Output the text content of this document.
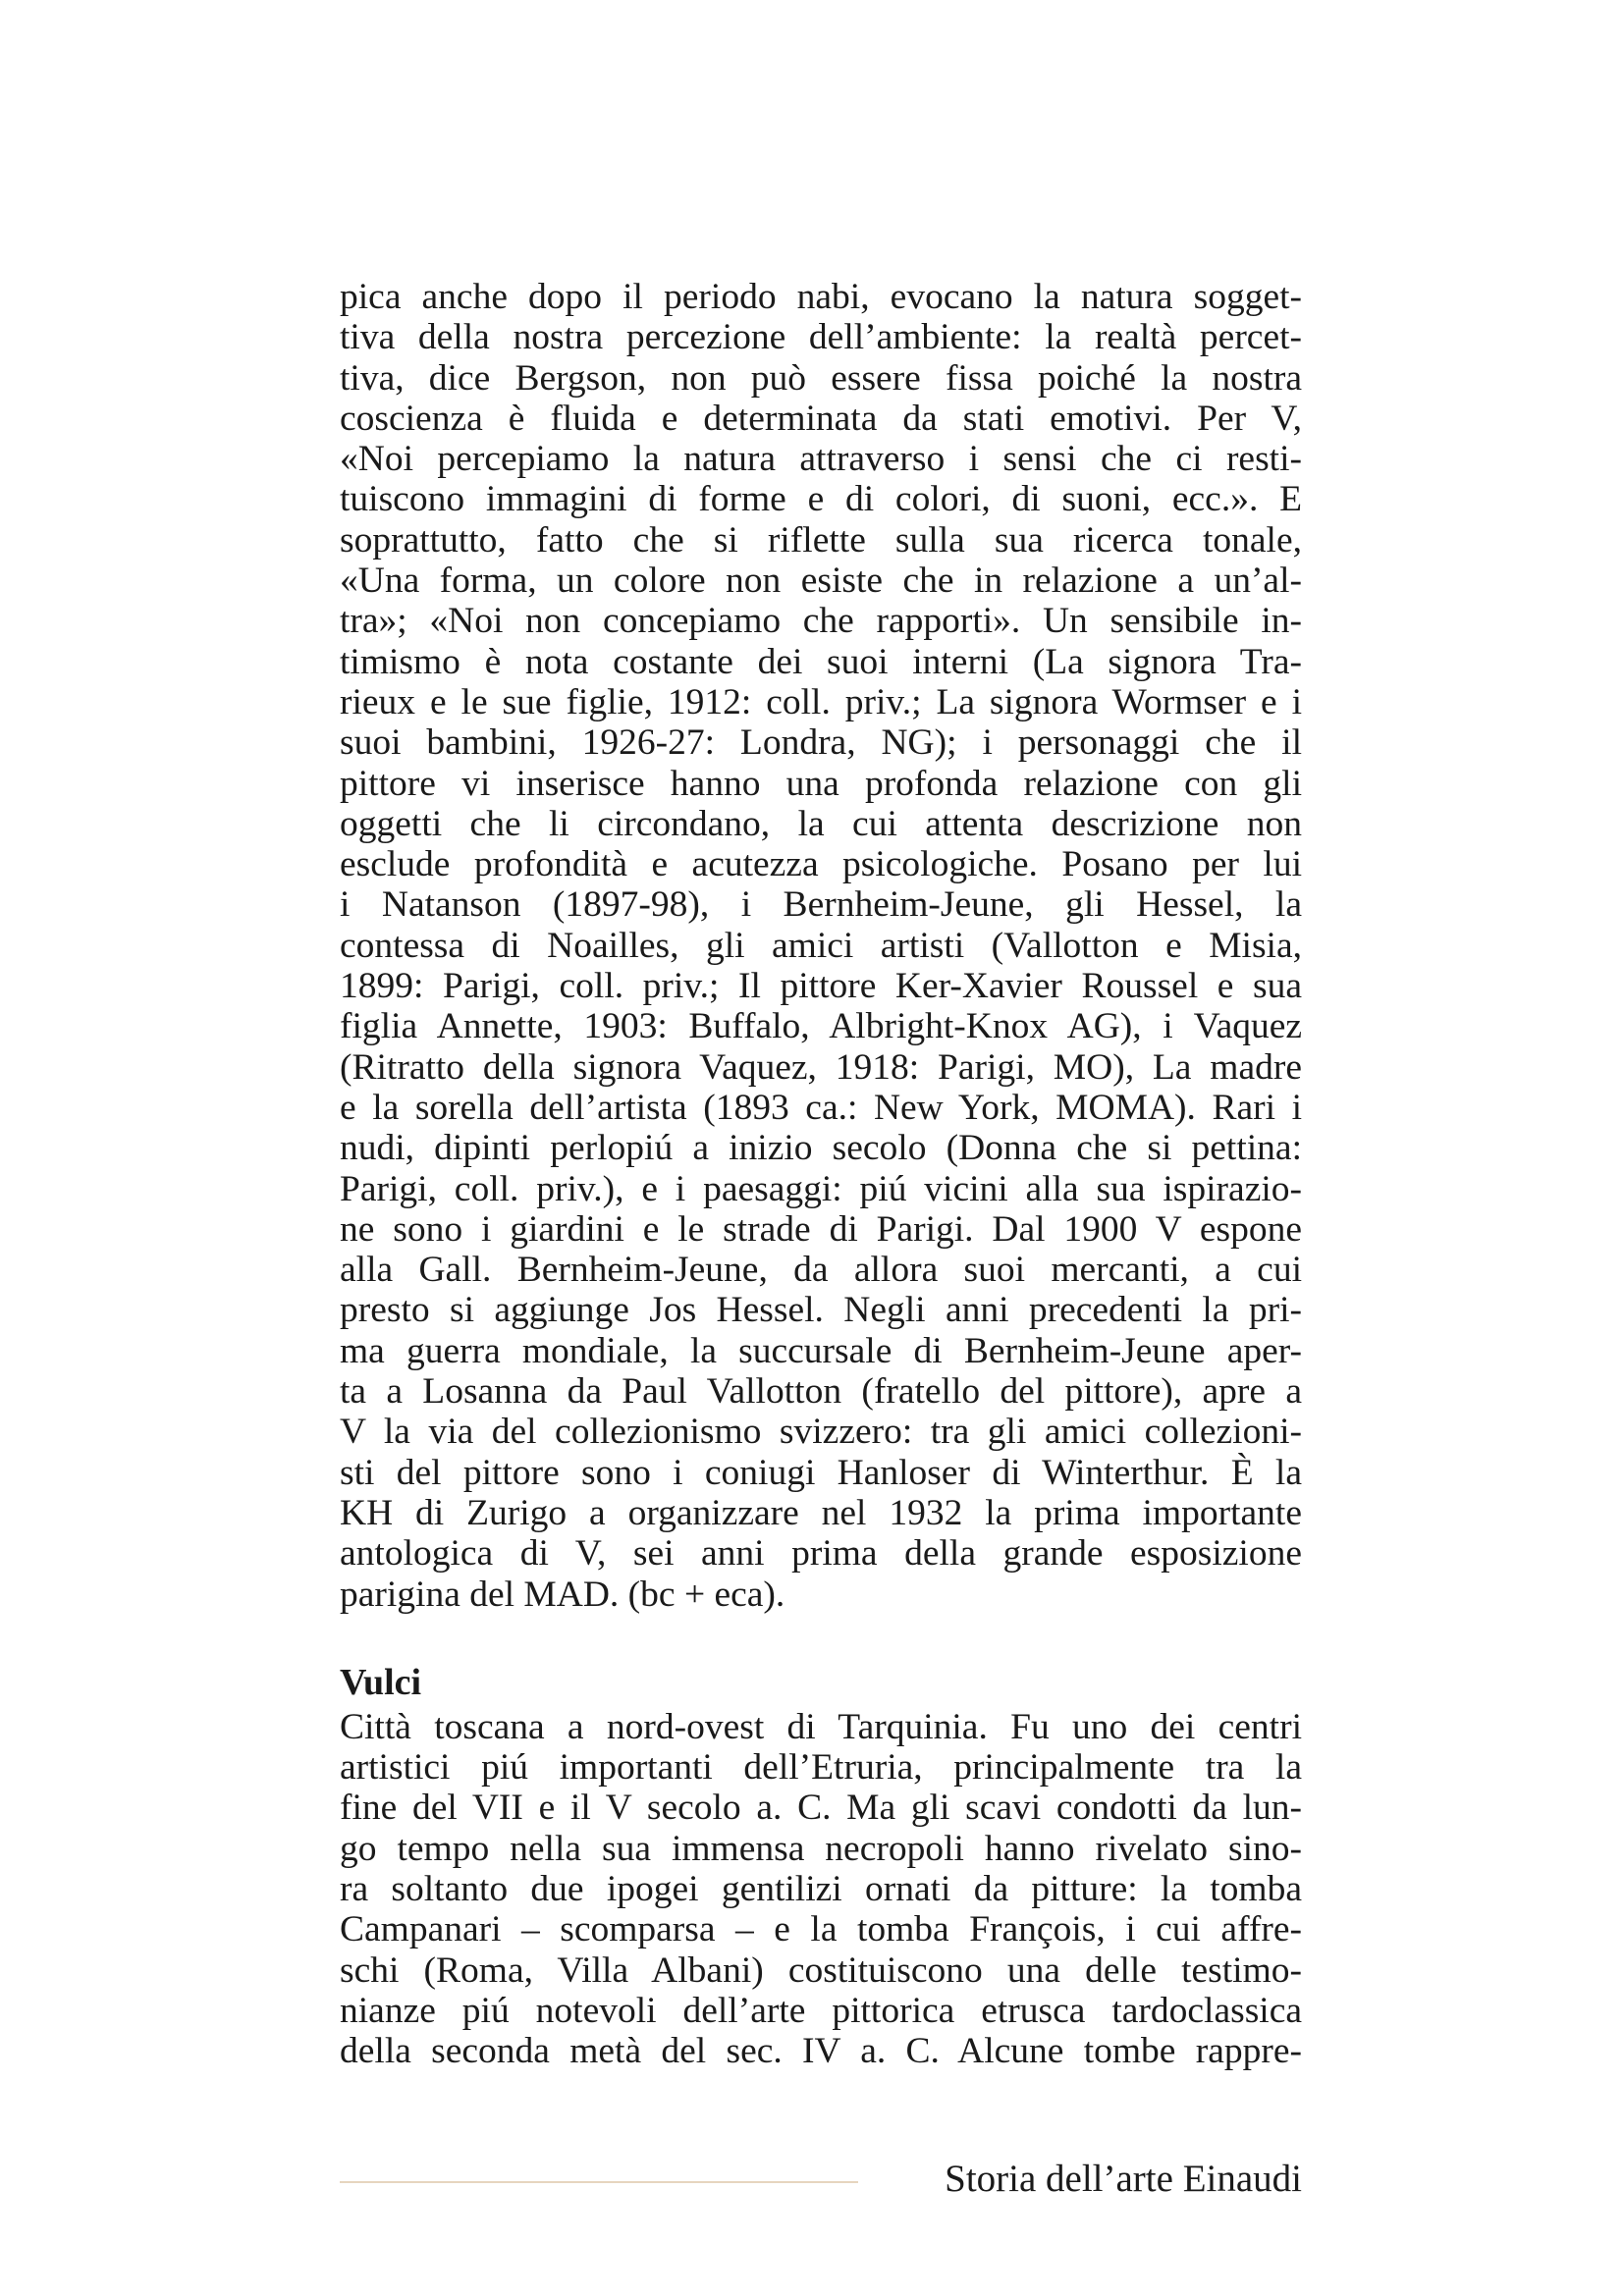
pica anche dopo il periodo nabi, evocano la natura sogget-
tiva della nostra percezione dell’ambiente: la realtà percet-
tiva, dice Bergson, non può essere fissa poiché la nostra
coscienza è fluida e determinata da stati emotivi. Per V,
«Noi percepiamo la natura attraverso i sensi che ci resti-
tuiscono immagini di forme e di colori, di suoni, ecc.». E
soprattutto, fatto che si riflette sulla sua ricerca tonale,
«Una forma, un colore non esiste che in relazione a un’al-
tra»; «Noi non concepiamo che rapporti». Un sensibile in-
timismo è nota costante dei suoi interni (La signora Tra-
rieux e le sue figlie, 1912: coll. priv.; La signora Wormser e i
suoi bambini, 1926-27: Londra, NG); i personaggi che il
pittore vi inserisce hanno una profonda relazione con gli
oggetti che li circondano, la cui attenta descrizione non
esclude profondità e acutezza psicologiche. Posano per lui
i Natanson (1897-98), i Bernheim-Jeune, gli Hessel, la
contessa di Noailles, gli amici artisti (Vallotton e Misia,
1899: Parigi, coll. priv.; Il pittore Ker-Xavier Roussel e sua
figlia Annette, 1903: Buffalo, Albright-Knox AG), i Vaquez
(Ritratto della signora Vaquez, 1918: Parigi, MO), La madre
e la sorella dell’artista (1893 ca.: New York, MOMA). Rari i
nudi, dipinti perlopiú a inizio secolo (Donna che si pettina:
Parigi, coll. priv.), e i paesaggi: piú vicini alla sua ispirazio-
ne sono i giardini e le strade di Parigi. Dal 1900 V espone
alla Gall. Bernheim-Jeune, da allora suoi mercanti, a cui
presto si aggiunge Jos Hessel. Negli anni precedenti la pri-
ma guerra mondiale, la succursale di Bernheim-Jeune aper-
ta a Losanna da Paul Vallotton (fratello del pittore), apre a
V la via del collezionismo svizzero: tra gli amici collezioni-
sti del pittore sono i coniugi Hanloser di Winterthur. È la
KH di Zurigo a organizzare nel 1932 la prima importante
antologica di V, sei anni prima della grande esposizione
parigina del MAD. (bc + eca).
Vulci
Città toscana a nord-ovest di Tarquinia. Fu uno dei centri
artistici piú importanti dell’Etruria, principalmente tra la
fine del VII e il V secolo a. C. Ma gli scavi condotti da lun-
go tempo nella sua immensa necropoli hanno rivelato sino-
ra soltanto due ipogei gentilizi ornati da pitture: la tomba
Campanari – scomparsa – e la tomba François, i cui affre-
schi (Roma, Villa Albani) costituiscono una delle testimo-
nianze piú notevoli dell’arte pittorica etrusca tardoclassica
della seconda metà del sec. IV a. C. Alcune tombe rappre-
Storia dell’arte Einaudi
